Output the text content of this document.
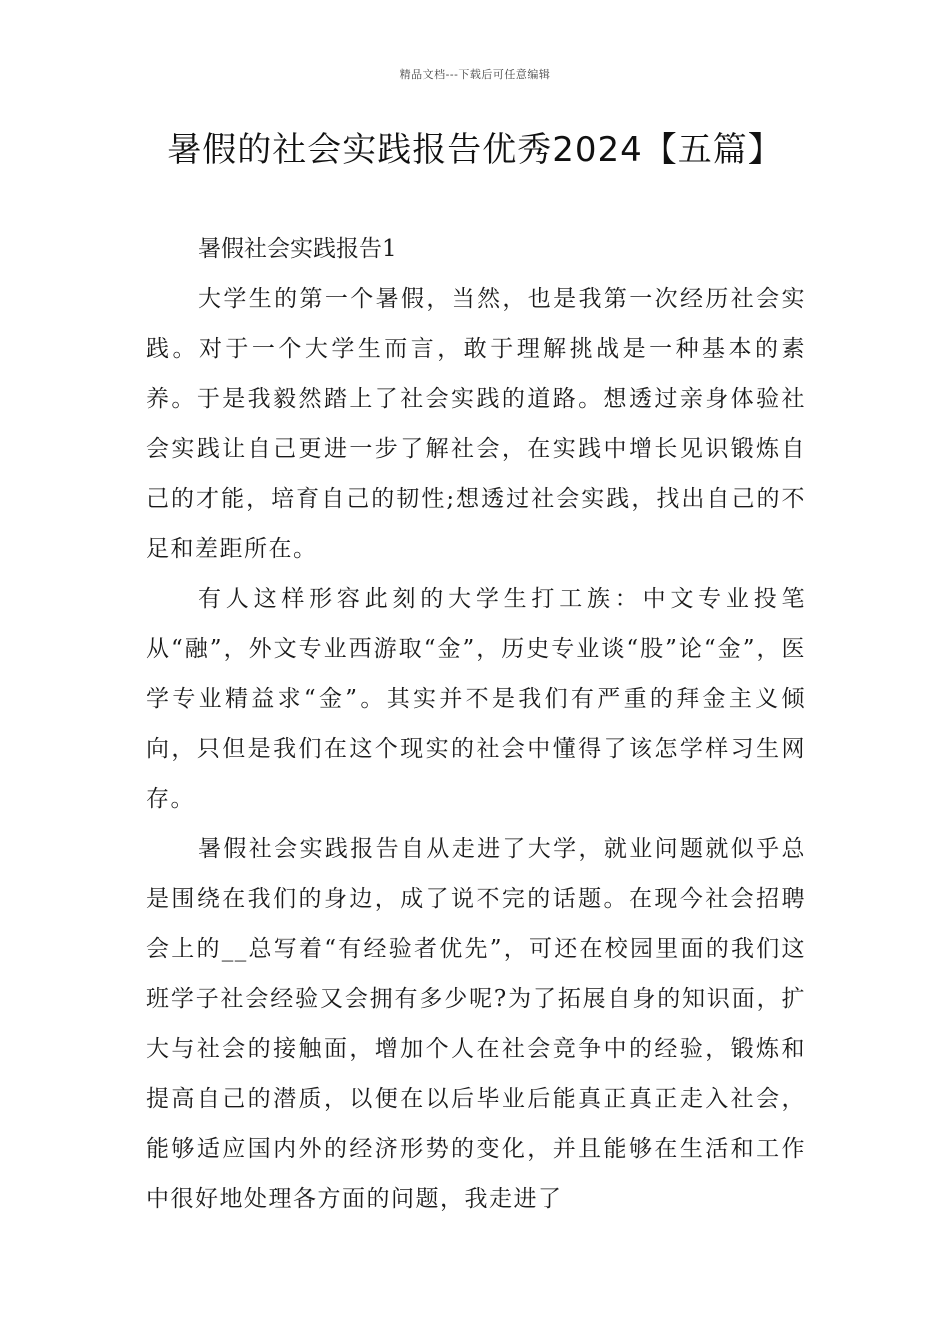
精品文档---下载后可任意编辑
暑假的社会实践报告优秀2024【五篇】

暑假社会实践报告1

大学生的第一个暑假，当然，也是我第一次经历社会实践。对于一个大学生而言，敢于理解挑战是一种基本的素养。于是我毅然踏上了社会实践的道路。想透过亲身体验社会实践让自己更进一步了解社会，在实践中增长见识锻炼自己的才能，培育自己的韧性;想透过社会实践，找出自己的不足和差距所在。

有人这样形容此刻的大学生打工族：中文专业投笔从“融”，外文专业西游取“金”，历史专业谈“股”论“金”，医学专业精益求“金”。其实并不是我们有严重的拜金主义倾向，只但是我们在这个现实的社会中懂得了该怎学样习生网存。

暑假社会实践报告自从走进了大学，就业问题就似乎总是围绕在我们的身边，成了说不完的话题。在现今社会招聘会上的__总写着“有经验者优先”，可还在校园里面的我们这班学子社会经验又会拥有多少呢?为了拓展自身的知识面，扩大与社会的接触面，增加个人在社会竞争中的经验，锻炼和提高自己的潜质，以便在以后毕业后能真正真正走入社会，能够适应国内外的经济形势的变化，并且能够在生活和工作中很好地处理各方面的问题，我走进了
